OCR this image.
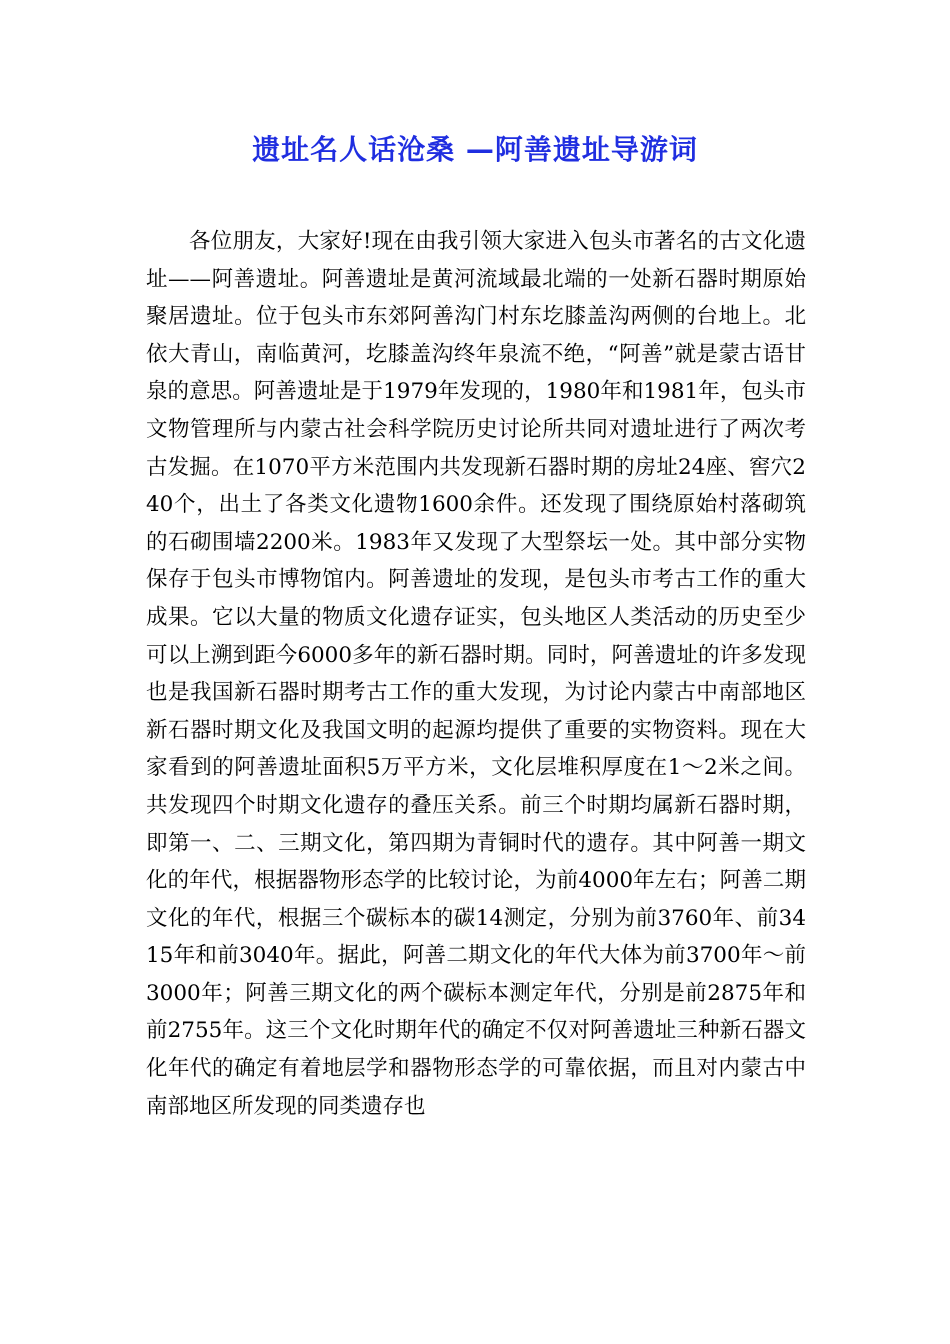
遗址名人话沧桑 —阿善遗址导游词

各位朋友，大家好!现在由我引领大家进入包头市著名的古文化遗址——阿善遗址。阿善遗址是黄河流域最北端的一处新石器时期原始聚居遗址。位于包头市东郊阿善沟门村东圪膝盖沟两侧的台地上。北依大青山，南临黄河，圪膝盖沟终年泉流不绝，“阿善”就是蒙古语甘泉的意思。阿善遗址是于1979年发现的，1980年和1981年，包头市文物管理所与内蒙古社会科学院历史讨论所共同对遗址进行了两次考古发掘。在1070平方米范围内共发现新石器时期的房址24座、窖穴240个，出土了各类文化遗物1600余件。还发现了围绕原始村落砌筑的石砌围墙2200米。1983年又发现了大型祭坛一处。其中部分实物保存于包头市博物馆内。阿善遗址的发现，是包头市考古工作的重大成果。它以大量的物质文化遗存证实，包头地区人类活动的历史至少可以上溯到距今6000多年的新石器时期。同时，阿善遗址的许多发现也是我国新石器时期考古工作的重大发现，为讨论内蒙古中南部地区新石器时期文化及我国文明的起源均提供了重要的实物资料。现在大家看到的阿善遗址面积5万平方米，文化层堆积厚度在1～2米之间。共发现四个时期文化遗存的叠压关系。前三个时期均属新石器时期，即第一、二、三期文化，第四期为青铜时代的遗存。其中阿善一期文化的年代，根据器物形态学的比较讨论，为前4000年左右；阿善二期文化的年代，根据三个碳标本的碳14测定，分别为前3760年、前3415年和前3040年。据此，阿善二期文化的年代大体为前3700年～前3000年；阿善三期文化的两个碳标本测定年代，分别是前2875年和前2755年。这三个文化时期年代的确定不仅对阿善遗址三种新石器文化年代的确定有着地层学和器物形态学的可靠依据，而且对内蒙古中南部地区所发现的同类遗存也
